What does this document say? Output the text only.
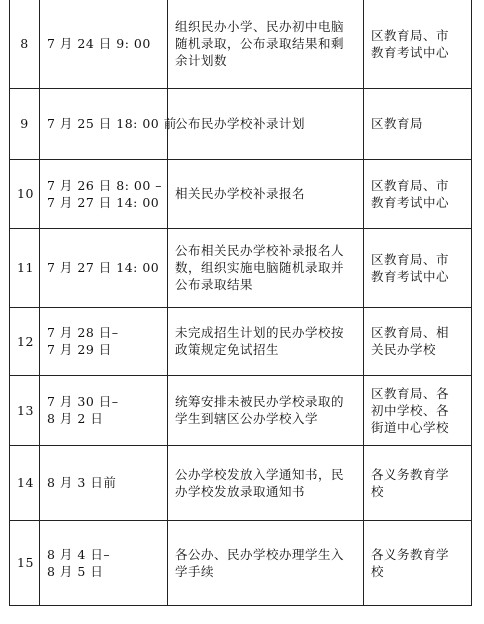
8	7 月 24 日 9: 00	组织民办小学、民办初中电脑
随机录取，公布录取结果和剩
余计划数	区教育局、市
教育考试中心

9	7 月 25 日 18: 00 前	公布民办学校补录计划	区教育局

10	7 月 26 日 8: 00 –
7 月 27 日 14: 00	相关民办学校补录报名	区教育局、市
教育考试中心

11	7 月 27 日 14: 00	公布相关民办学校补录报名人
数，组织实施电脑随机录取并
公布录取结果	区教育局、市
教育考试中心

12	7 月 28 日–
7 月 29 日	未完成招生计划的民办学校按
政策规定免试招生	区教育局、相
关民办学校

13	7 月 30 日–
8 月 2 日	统筹安排未被民办学校录取的
学生到辖区公办学校入学	区教育局、各
初中学校、各
街道中心学校

14	8 月 3 日前	公办学校发放入学通知书，民
办学校发放录取通知书	各义务教育学
校

15	8 月 4 日–
8 月 5 日	各公办、民办学校办理学生入
学手续	各义务教育学
校
